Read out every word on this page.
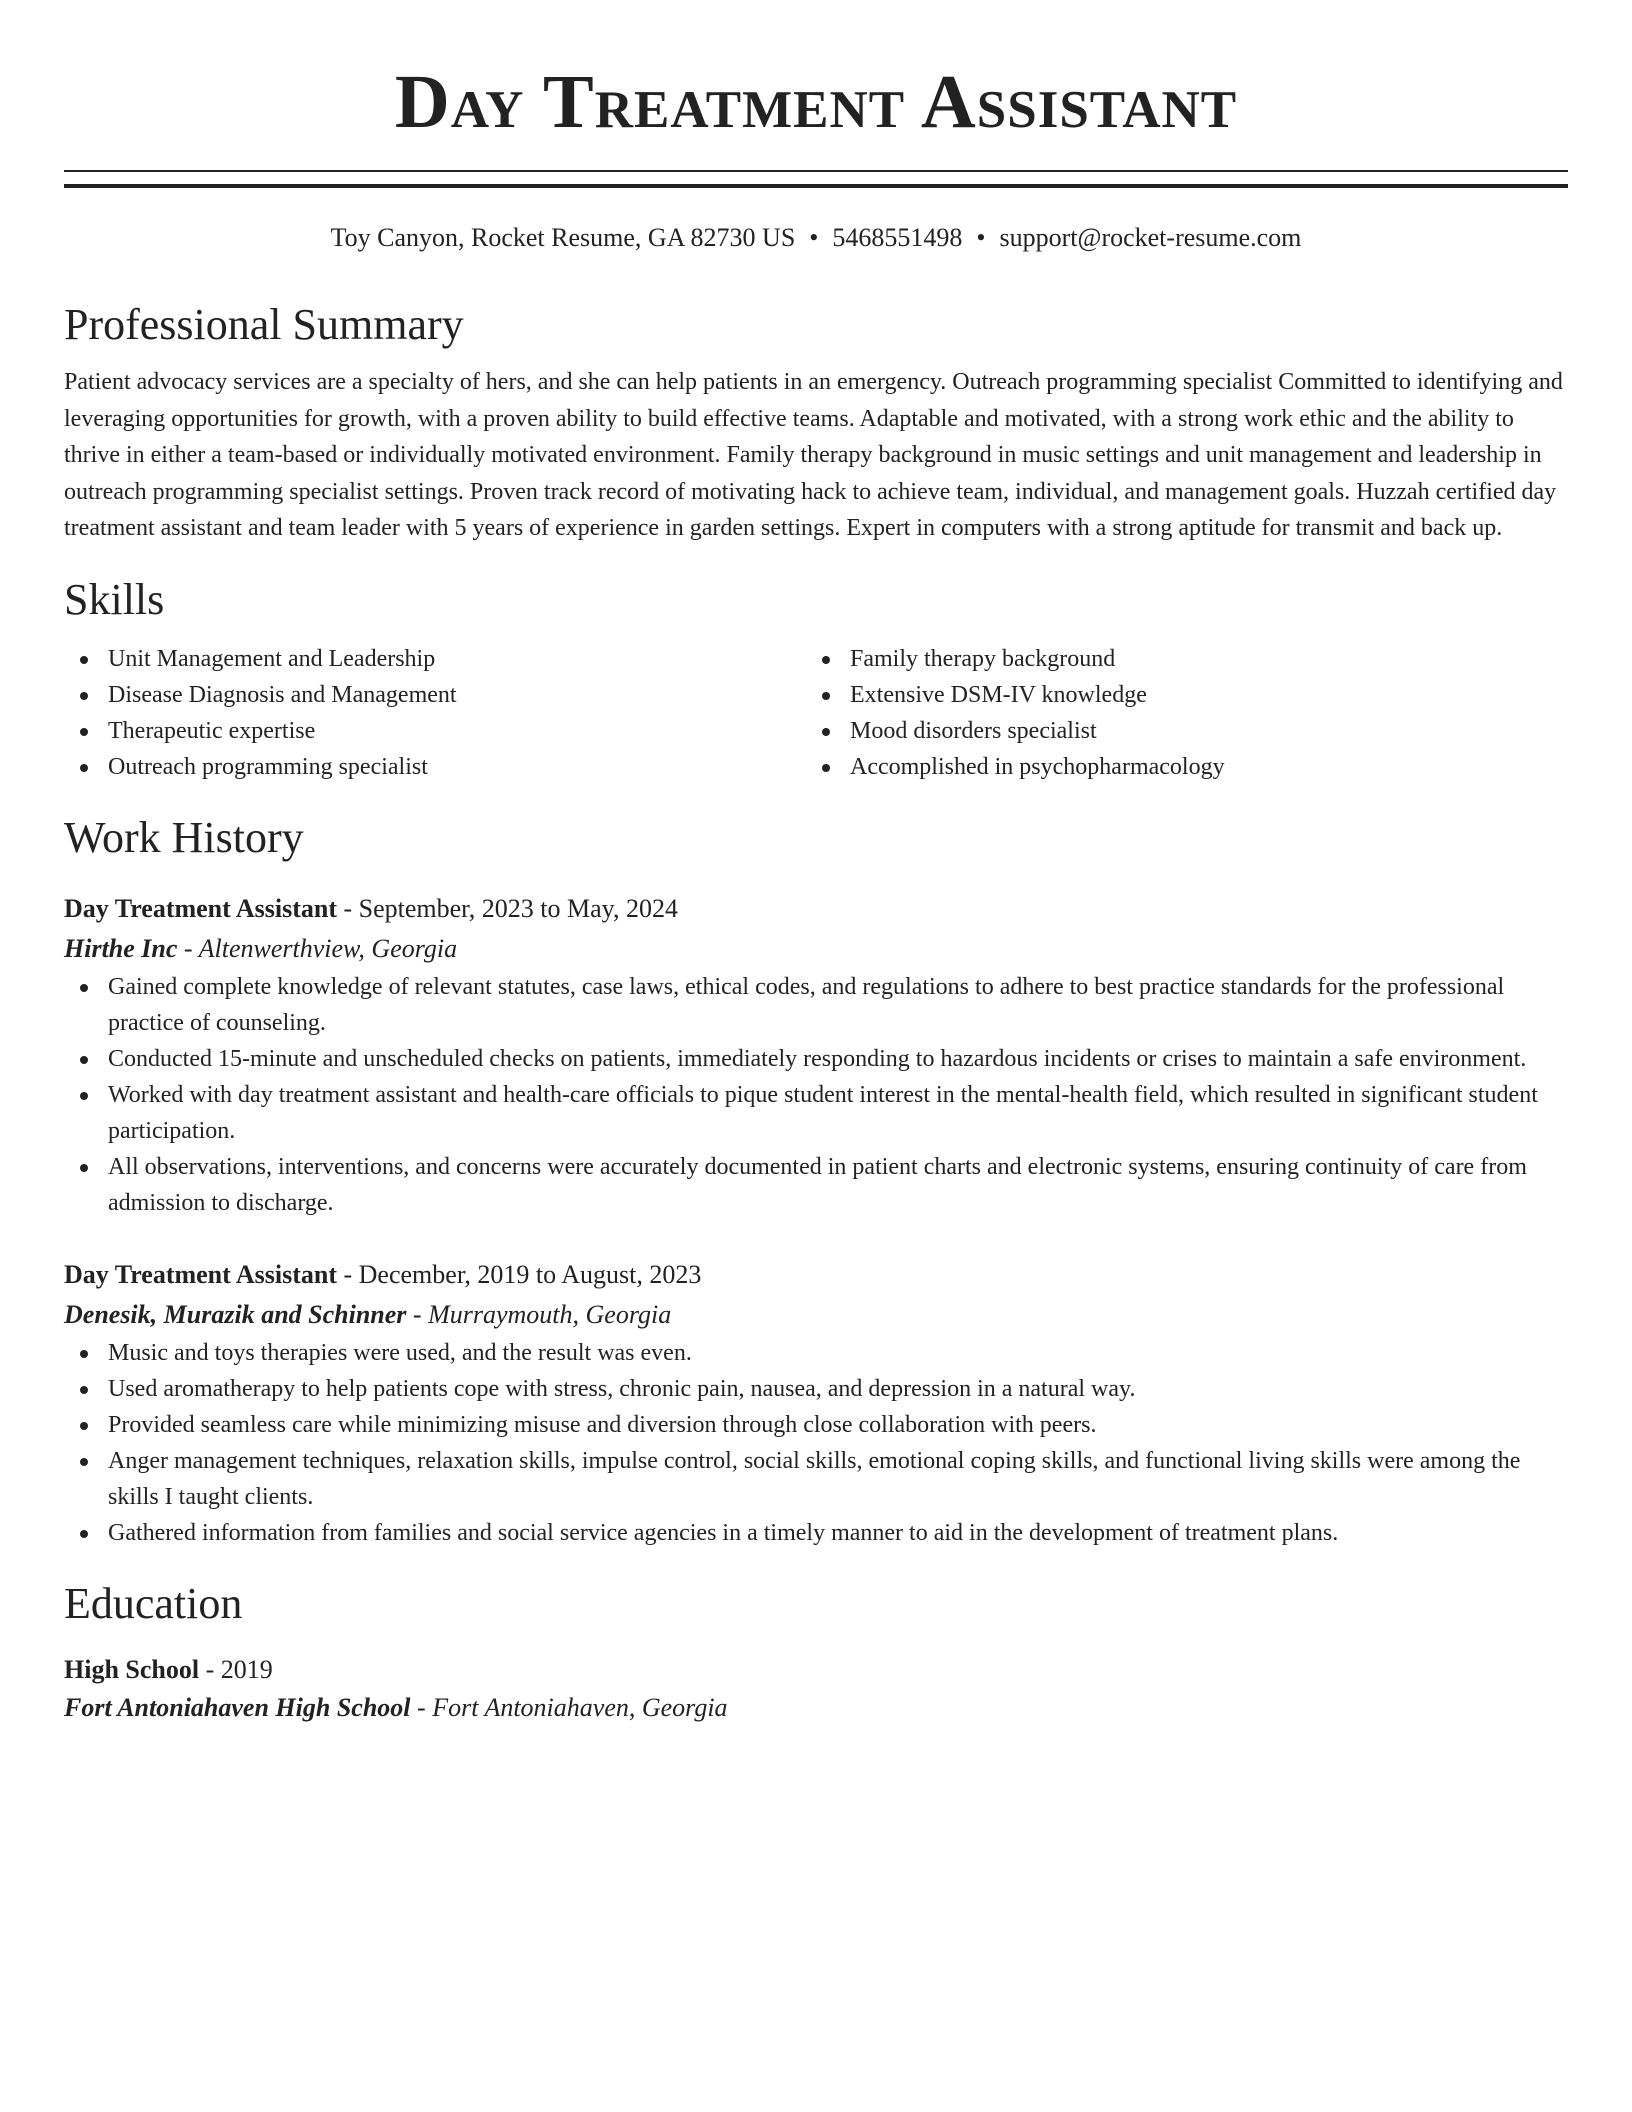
Day Treatment Assistant
Toy Canyon, Rocket Resume, GA 82730 US • 5468551498 • support@rocket-resume.com
Professional Summary

Patient advocacy services are a specialty of hers, and she can help patients in an emergency. Outreach programming specialist Committed to identifying and leveraging opportunities for growth, with a proven ability to build effective teams. Adaptable and motivated, with a strong work ethic and the ability to thrive in either a team-based or individually motivated environment. Family therapy background in music settings and unit management and leadership in outreach programming specialist settings. Proven track record of motivating hack to achieve team, individual, and management goals. Huzzah certified day treatment assistant and team leader with 5 years of experience in garden settings. Expert in computers with a strong aptitude for transmit and back up.

Skills
Unit Management and Leadership
Disease Diagnosis and Management
Therapeutic expertise
Outreach programming specialist
Family therapy background
Extensive DSM-IV knowledge
Mood disorders specialist
Accomplished in psychopharmacology
Work History
Day Treatment Assistant - September, 2023 to May, 2024
Hirthe Inc - Altenwerthview, Georgia
Gained complete knowledge of relevant statutes, case laws, ethical codes, and regulations to adhere to best practice standards for the professional practice of counseling.
Conducted 15-minute and unscheduled checks on patients, immediately responding to hazardous incidents or crises to maintain a safe environment.
Worked with day treatment assistant and health-care officials to pique student interest in the mental-health field, which resulted in significant student participation.
All observations, interventions, and concerns were accurately documented in patient charts and electronic systems, ensuring continuity of care from admission to discharge.
Day Treatment Assistant - December, 2019 to August, 2023
Denesik, Murazik and Schinner - Murraymouth, Georgia
Music and toys therapies were used, and the result was even.
Used aromatherapy to help patients cope with stress, chronic pain, nausea, and depression in a natural way.
Provided seamless care while minimizing misuse and diversion through close collaboration with peers.
Anger management techniques, relaxation skills, impulse control, social skills, emotional coping skills, and functional living skills were among the skills I taught clients.
Gathered information from families and social service agencies in a timely manner to aid in the development of treatment plans.
Education
High School - 2019
Fort Antoniahaven High School - Fort Antoniahaven, Georgia
